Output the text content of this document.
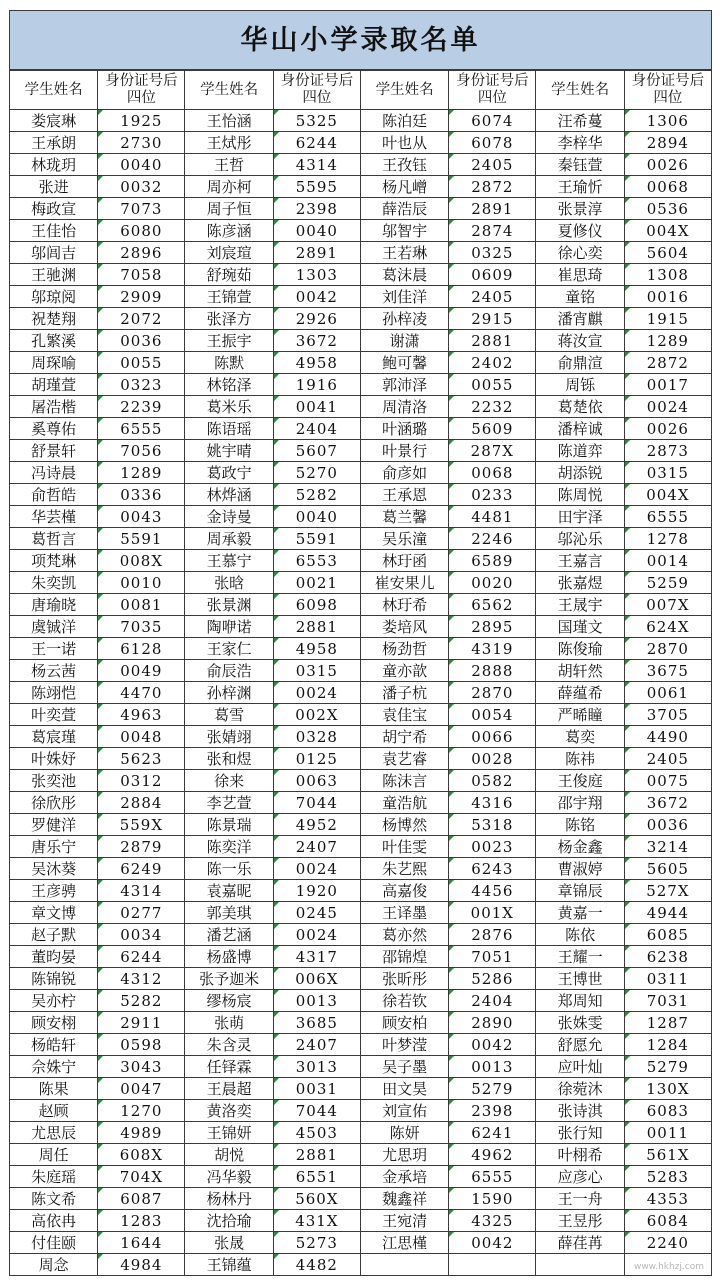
华山小学录取名单
学生姓名	身份证号后四位	学生姓名	身份证号后四位	学生姓名	身份证号后四位	学生姓名	身份证号后四位
娄宸琳	1925	王怡涵	5325	陈泊廷	6074	汪希蔓	1306
王承朗	2730	王烒彤	6244	叶也从	6078	李梓华	2894
林珑玥	0040	王哲	4314	王孜钰	2405	秦钰萱	0026
张进	0032	周亦柯	5595	杨凡嶒	2872	王瑜忻	0068
梅政宣	7073	周子恒	2398	薛浩辰	2891	张景淳	0536
王佳怡	6080	陈彦涵	0040	邬智宇	2874	夏修仪	004X
邬闾吉	2896	刘宸瑄	2891	王若琳	0325	徐心奕	5604
王驰渊	7058	舒琬茹	1303	葛沫晨	0609	崔思琦	1308
邬琼阅	2909	王锦萱	0042	刘佳洋	2405	童铭	0016
祝楚翔	2072	张泽方	2926	孙梓凌	2915	潘宵麒	1915
孔繁溪	0036	王振宇	3672	谢潇	2881	蒋汝宣	1289
周琛喻	0055	陈默	4958	鲍可馨	2402	俞鼎渲	2872
胡瑾萱	0323	林铭泽	1916	郭沛泽	0055	周铄	0017
屠浩楷	2239	葛米乐	0041	周清洛	2232	葛楚依	0024
奚尊佑	6555	陈语瑶	2404	叶涵璐	5609	潘梓诚	0026
舒景轩	7056	姚宇晴	5607	叶景行	287X	陈道弈	2873
冯诗晨	1289	葛政宁	5270	俞彦如	0068	胡添锐	0315
俞哲皓	0336	林烨涵	5282	王承恩	0233	陈周悦	004X
华芸槿	0043	金诗曼	0040	葛兰馨	4481	田宇泽	6555
葛哲言	5591	周承毅	5591	吴乐潼	2246	邬沁乐	1278
项梵琳	008X	王慕宁	6553	林玗函	6589	王嘉言	0014
朱奕凯	0010	张晗	0021	崔安果儿	0020	张嘉煜	5259
唐瑜晓	0081	张景渊	6098	林玗希	6562	王晟宇	007X
虞铖洋	7035	陶咿诺	2881	娄培风	2895	国瑾文	624X
王一诺	6128	王家仁	4958	杨劲哲	4319	陈俊瑜	2870
杨云茜	0049	俞辰浩	0315	童亦歆	2888	胡轩然	3675
陈翊恺	4470	孙梓渊	0024	潘子杭	2870	薛蕴希	0061
叶奕萱	4963	葛雪	002X	袁佳宝	0054	严晞瞳	3705
葛宸瑾	0048	张婧翊	0328	胡宁希	0066	葛奕	4490
叶姝妤	5623	张和煜	0125	袁艺睿	0028	陈祎	2405
张奕池	0312	徐来	0063	陈沫言	0582	王俊庭	0075
徐欣彤	2884	李艺萱	7044	童浩航	4316	邵宇翔	3672
罗健洋	559X	陈景瑞	4952	杨博然	5318	陈铭	0036
唐乐宁	2879	陈奕洋	2407	叶佳雯	0023	杨金鑫	3214
吴沐葵	6249	陈一乐	0024	朱艺熙	6243	曹淑婷	5605
王彦骋	4314	袁嘉昵	1920	高嘉俊	4456	章锦辰	527X
章文博	0277	郭美琪	0245	王译墨	001X	黄嘉一	4944
赵子默	0034	潘艺涵	0024	葛亦然	2876	陈依	6085
董昀晏	6244	杨盛博	4317	邵锦煌	7051	王耀一	6238
陈锦锐	4312	张予迦米	006X	张昕彤	5286	王博世	0311
吴亦柠	5282	缪杨宸	0013	徐若钦	2404	郑周知	7031
顾安栩	2911	张萌	3685	顾安柏	2890	张姝雯	1287
杨皓轩	0598	朱含灵	2407	叶梦滢	0042	舒愿允	1284
佘姝宁	3043	任铎霖	3013	吴子墨	0013	应叶灿	5279
陈果	0047	王晨超	0031	田文昊	5279	徐菀沐	130X
赵顾	1270	黄洛奕	7044	刘宣佑	2398	张诗淇	6083
尤思辰	4989	王锦妍	4503	陈妍	6241	张行知	0011
周任	608X	胡悦	2881	尤思玥	4962	叶栩希	561X
朱庭瑶	704X	冯华毅	6551	金承培	6555	应彦心	5283
陈文希	6087	杨林丹	560X	魏鑫祥	1590	王一舟	4353
高依冉	1283	沈拾瑜	431X	王宛清	4325	王昱彤	6084
付佳颐	1644	张晟	5273	江思槿	0042	薛荏苒	2240
周念	4984	王锦蕴	4482					www.hkhzj.com
